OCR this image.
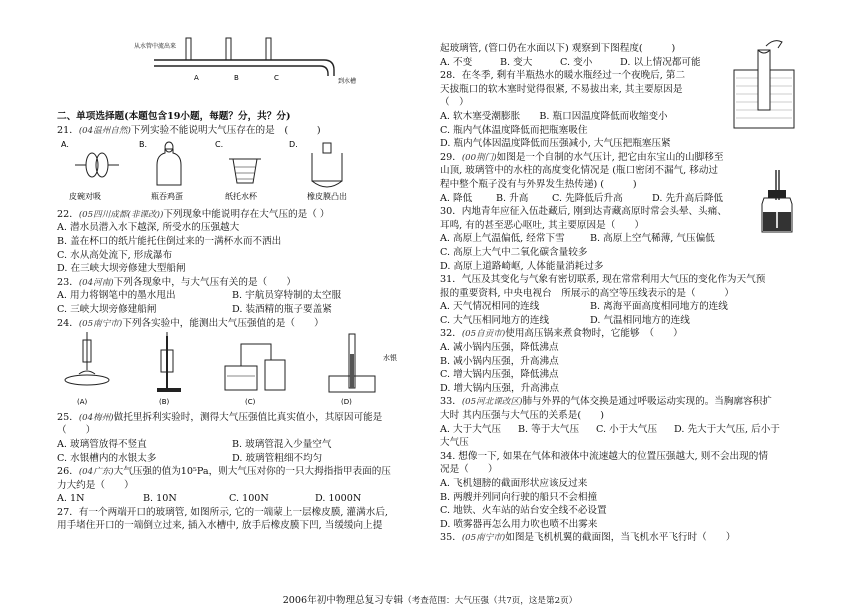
从水管中流出来
A	B	C	到水槽
二、单项选择题(本题包含19小题，每题？分，共？分)
21．(04温州自然)下列实验不能说明大气压存在的是　(　　　)
A.	B.	C.	D.
皮碗对吸	瓶吞鸡蛋	纸托水杯	橡皮膜凸出
22．(05四川成都(非课改))下列现象中能说明存在大气压的是（ ）
A. 潜水员潜入水下越深, 所受水的压强越大
B. 盖在杯口的纸片能托住倒过来的一满杯水而不洒出
C. 水从高处流下, 形成瀑布
D. 在三峡大坝旁修建大型船闸
23．(04河南)下列各现象中，与大气压有关的是（　　）
A. 用力将钢笔中的墨水甩出	B. 宇航员穿特制的太空服
C. 三峡大坝旁修建船闸	D. 装酒精的瓶子要盖紧
24．(05南宁市)下列各实验中，能测出大气压强值的是（　　）
水银
(A)	(B)	(C)	(D)
25．(04梅州)做托里拆利实验时，测得大气压强值比真实值小，其原因可能是
（　　）
A. 玻璃管放得不竖直	B. 玻璃管混入少量空气
C. 水银槽内的水银太多	D. 玻璃管粗细不均匀
26．(04广东)大气压强的值为10⁵Pa，则大气压对你的一只大拇指指甲表面的压
力大约是（　　）
A. 1N	B. 10N	C. 100N	D. 1000N
27．有一个两端开口的玻璃管, 如图所示, 它的一端蒙上一层橡皮膜, 灌满水后,
用手堵住开口的一端倒立过来, 插入水槽中, 放手后橡皮膜下凹, 当缓缓向上提
起玻璃管, (管口仍在水面以下) 观察到下图程度(　　　)
A. 不变	B. 变大	C. 变小	D. 以上情况都可能
28．在冬季, 剩有半瓶热水的暖水瓶经过一个夜晚后, 第二
天拔瓶口的软木塞时觉得很紧, 不易拔出来, 其主要原因是
（　）
A. 软木塞受潮膨胀　　B. 瓶口因温度降低而收缩变小
C. 瓶内气体温度降低而把瓶塞吸住
D. 瓶内气体因温度降低而压强减小, 大气压把瓶塞压紧
29．(00荆门)如图是一个自制的水气压计, 把它由东宝山的山脚移至
山顶, 玻璃管中的水柱的高度变化情况是 (瓶口密闭不漏气, 移动过
程中整个瓶子没有与外界发生热传递) (　　　)
A. 降低 B. 升高 C. 先降低后升高	D. 先升高后降低
30．内地青年应征入伍赴藏后, 刚到达青藏高原时常会头晕、头痛、
耳鸣, 有的甚至恶心呕吐, 其主要原因是（　　）
A. 高原上气温偏低, 经常下雪	B. 高原上空气稀薄, 气压偏低
C. 高原上大气中二氧化碳含量较多
D. 高原上道路崎岖, 人体能量消耗过多
31．气压及其变化与气象有密切联系, 现在常常利用大气压的变化作为天气预
报的重要资料, 中央电视台　所展示的高空等压线表示的是（　　　）
A. 天气情况相同的连线	B. 离海平面高度相同地方的连线
C. 大气压相同地方的连线	D. 气温相同地方的连线
32．(05自贡市)使用高压锅来煮食物时，它能够　（　　）
A. 减小锅内压强，降低沸点
B. 减小锅内压强，升高沸点
C. 增大锅内压强，降低沸点
D. 增大锅内压强，升高沸点
33．(05河北课改区)肺与外界的气体交换是通过呼吸运动实现的。当胸廓容积扩
大时 其内压强与大气压的关系是(　　)
A. 大于大气压 B. 等于大气压 C. 小于大气压 D. 先大于大气压, 后小于
大气压
34. 想像一下, 如果在气体和液体中流速越大的位置压强越大, 则不会出现的情
况是（　　）
A. 飞机翅膀的截面形状应该反过来
B. 两艘并列同向行驶的船只不会相撞
C. 地铁、火车站的站台安全线不必设置
D. 喷雾器再怎么用力吹也喷不出雾来
35．(05南宁市)如图是飞机机翼的截面图，当飞机水平飞行时（　　）
2006年初中物理总复习专辑（考查范围：大气压强（共7页，这是第2页）
